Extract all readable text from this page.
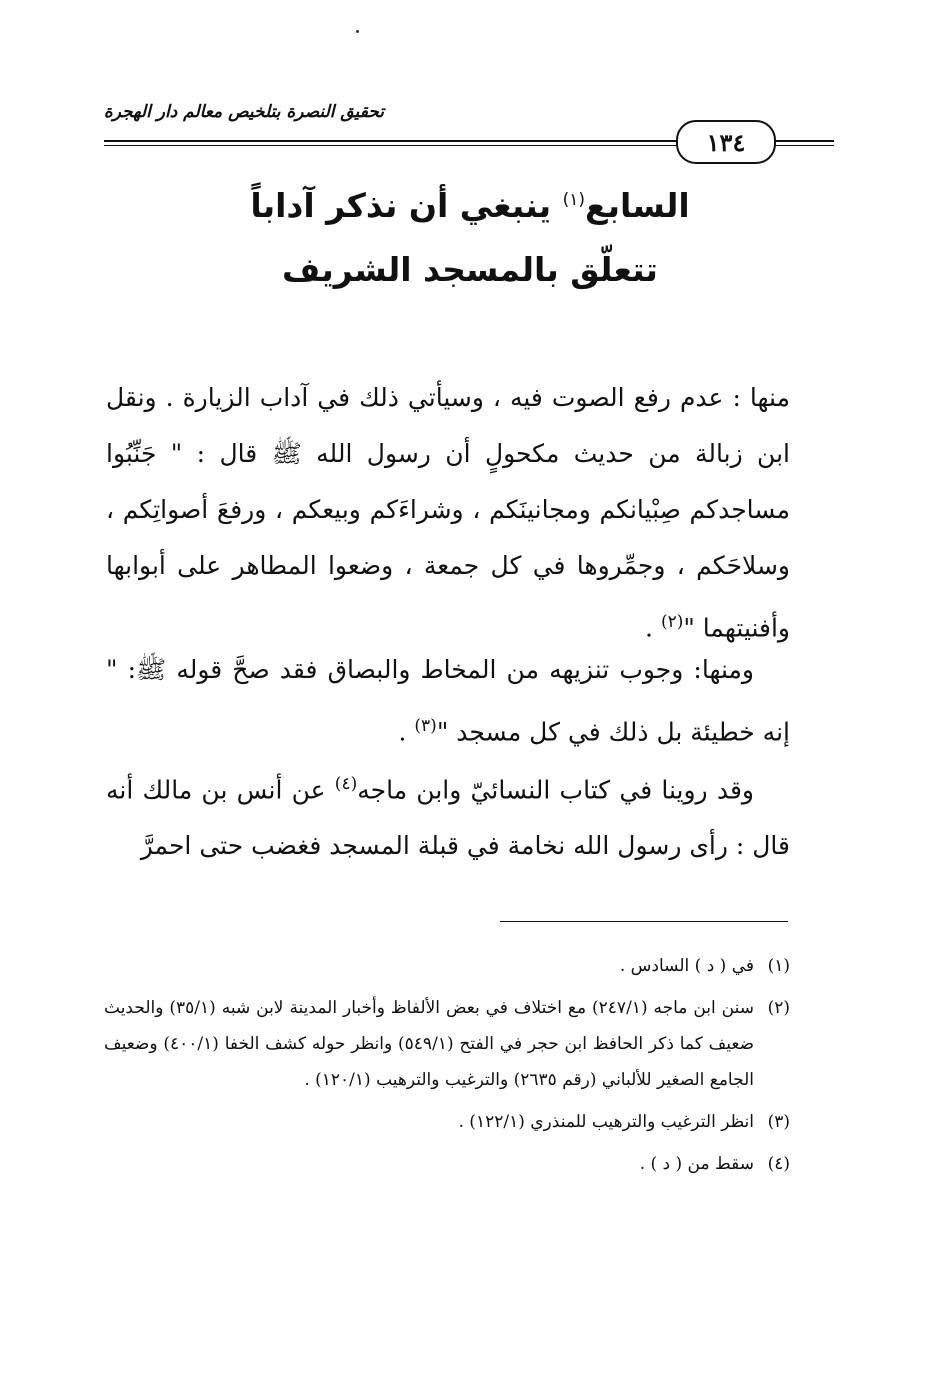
تحقيق النصرة بتلخيص معالم دار الهجرة
١٣٤
السابع$^{(١)}$ ينبغي أن نذكر آداباً
تتعلّق بالمسجد الشريف

منها : عدم رفع الصوت فيه ، وسيأتي ذلك في آداب الزيارة . ونقل ابن زبالة من حديث مكحولٍ أن رسول الله ﷺ قال : " جَنِّبُوا مساجدكم صِبْيانكم ومجانينَكم ، وشراءَكم وبيعكم ، ورفعَ أصواتِكم ، وسلاحَكم ، وجمِّروها في كل جمعة ، وضعوا المطاهر على أبوابها وأفنيتهما "$^{(٢)}$ .

ومنها: وجوب تنزيهه من المخاط والبصاق فقد صحَّ قوله ﷺ: " إنه خطيئة بل ذلك في كل مسجد "$^{(٣)}$ .

وقد روينا في كتاب النسائيّ وابن ماجه$^{(٤)}$ عن أنس بن مالك أنه قال : رأى رسول الله نخامة في قبلة المسجد فغضب حتى احمرَّ

(١)
في ( د ) السادس .
(٢)
سنن ابن ماجه (٢٤٧/١) مع اختلاف في بعض الألفاظ وأخبار المدينة لابن شبه (٣٥/١) والحديث ضعيف كما ذكر الحافظ ابن حجر في الفتح (٥٤٩/١) وانظر حوله كشف الخفا (٤٠٠/١) وضعيف الجامع الصغير للألباني (رقم ٢٦٣٥) والترغيب والترهيب (١٢٠/١) .
(٣)
انظر الترغيب والترهيب للمنذري (١٢٢/١) .
(٤)
سقط من ( د ) .
